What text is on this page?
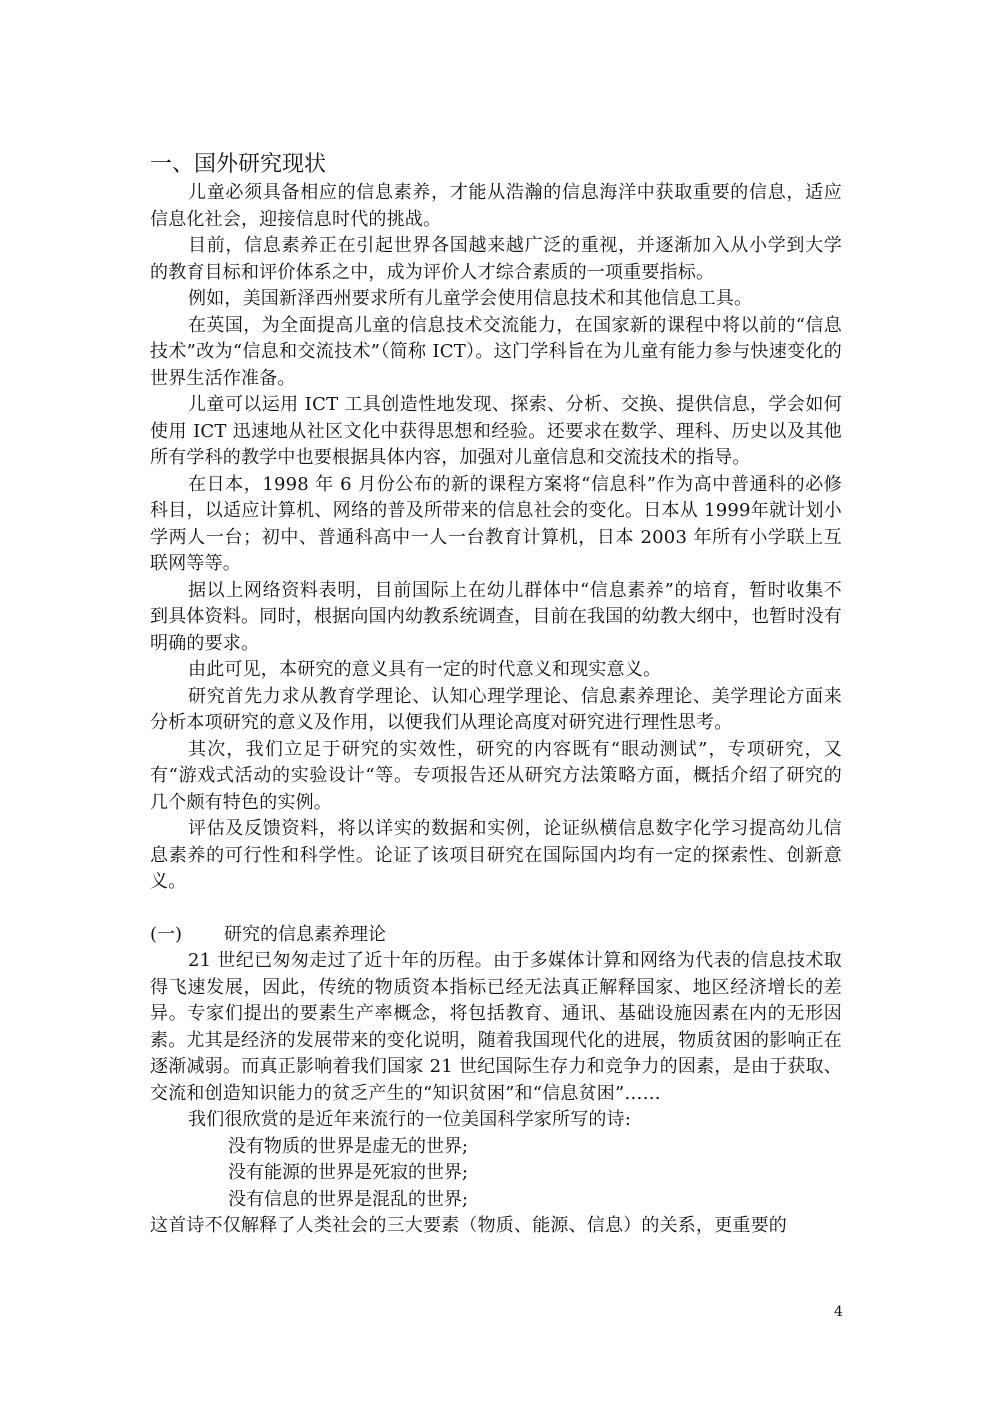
一、国外研究现状

儿童必须具备相应的信息素养，才能从浩瀚的信息海洋中获取重要的信息，适应信息化社会，迎接信息时代的挑战。

目前，信息素养正在引起世界各国越来越广泛的重视，并逐渐加入从小学到大学的教育目标和评价体系之中，成为评价人才综合素质的一项重要指标。

例如，美国新泽西州要求所有儿童学会使用信息技术和其他信息工具。

在英国，为全面提高儿童的信息技术交流能力，在国家新的课程中将以前的“信息技术”改为“信息和交流技术”（简称 ICT）。这门学科旨在为儿童有能力参与快速变化的世界生活作准备。

儿童可以运用 ICT 工具创造性地发现、探索、分析、交换、提供信息，学会如何使用 ICT 迅速地从社区文化中获得思想和经验。还要求在数学、理科、历史以及其他所有学科的教学中也要根据具体内容，加强对儿童信息和交流技术的指导。

在日本，1998 年 6 月份公布的新的课程方案将“信息科”作为高中普通科的必修科目，以适应计算机、网络的普及所带来的信息社会的变化。日本从 1999年就计划小学两人一台；初中、普通科高中一人一台教育计算机，日本 2003 年所有小学联上互联网等等。

据以上网络资料表明，目前国际上在幼儿群体中“信息素养”的培育，暂时收集不到具体资料。同时，根据向国内幼教系统调查，目前在我国的幼教大纲中，也暂时没有明确的要求。

由此可见，本研究的意义具有一定的时代意义和现实意义。

研究首先力求从教育学理论、认知心理学理论、信息素养理论、美学理论方面来分析本项研究的意义及作用，以便我们从理论高度对研究进行理性思考。

其次，我们立足于研究的实效性，研究的内容既有“眼动测试”，专项研究，又有“游戏式活动的实验设计“等。专项报告还从研究方法策略方面，概括介绍了研究的几个颇有特色的实例。

评估及反馈资料，将以详实的数据和实例，论证纵横信息数字化学习提高幼儿信息素养的可行性和科学性。论证了该项目研究在国际国内均有一定的探索性、创新意义。

(一) 研究的信息素养理论

21 世纪已匆匆走过了近十年的历程。由于多媒体计算和网络为代表的信息技术取得飞速发展，因此，传统的物质资本指标已经无法真正解释国家、地区经济增长的差异。专家们提出的要素生产率概念，将包括教育、通讯、基础设施因素在内的无形因素。尤其是经济的发展带来的变化说明，随着我国现代化的进展，物质贫困的影响正在逐渐减弱。而真正影响着我们国家 21 世纪国际生存力和竞争力的因素，是由于获取、交流和创造知识能力的贫乏产生的“知识贫困”和“信息贫困”……

我们很欣赏的是近年来流行的一位美国科学家所写的诗:

没有物质的世界是虚无的世界;

没有能源的世界是死寂的世界;

没有信息的世界是混乱的世界;

这首诗不仅解释了人类社会的三大要素（物质、能源、信息）的关系，更重要的

4
